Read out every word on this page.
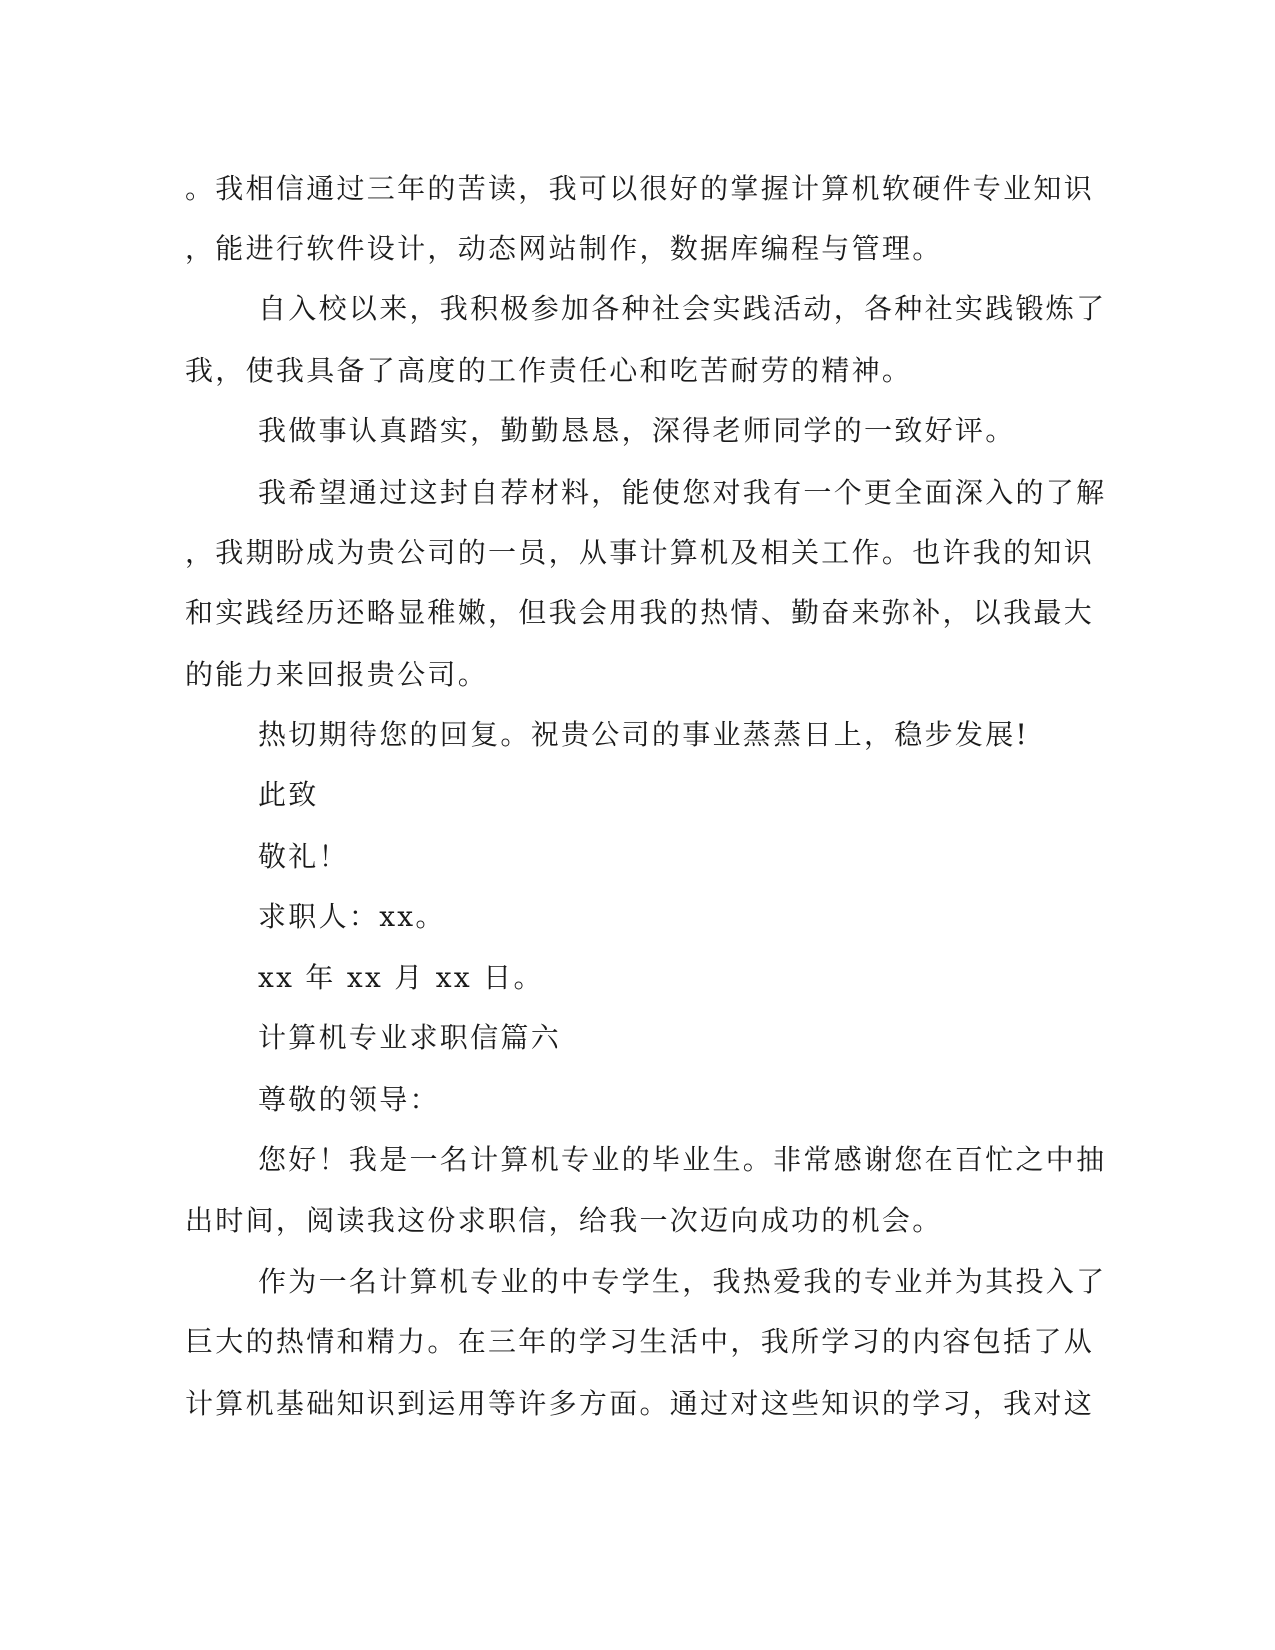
。我相信通过三年的苦读，我可以很好的掌握计算机软硬件专业知识
，能进行软件设计，动态网站制作，数据库编程与管理。
自入校以来，我积极参加各种社会实践活动，各种社实践锻炼了
我，使我具备了高度的工作责任心和吃苦耐劳的精神。
我做事认真踏实，勤勤恳恳，深得老师同学的一致好评。
我希望通过这封自荐材料，能使您对我有一个更全面深入的了解
，我期盼成为贵公司的一员，从事计算机及相关工作。也许我的知识
和实践经历还略显稚嫩，但我会用我的热情、勤奋来弥补，以我最大
的能力来回报贵公司。
热切期待您的回复。祝贵公司的事业蒸蒸日上，稳步发展!
此致
敬礼！
求职人：xx。
xx 年 xx 月 xx 日。
计算机专业求职信篇六
尊敬的领导：
您好！我是一名计算机专业的毕业生。非常感谢您在百忙之中抽
出时间，阅读我这份求职信，给我一次迈向成功的机会。
作为一名计算机专业的中专学生，我热爱我的专业并为其投入了
巨大的热情和精力。在三年的学习生活中，我所学习的内容包括了从
计算机基础知识到运用等许多方面。通过对这些知识的学习，我对这
